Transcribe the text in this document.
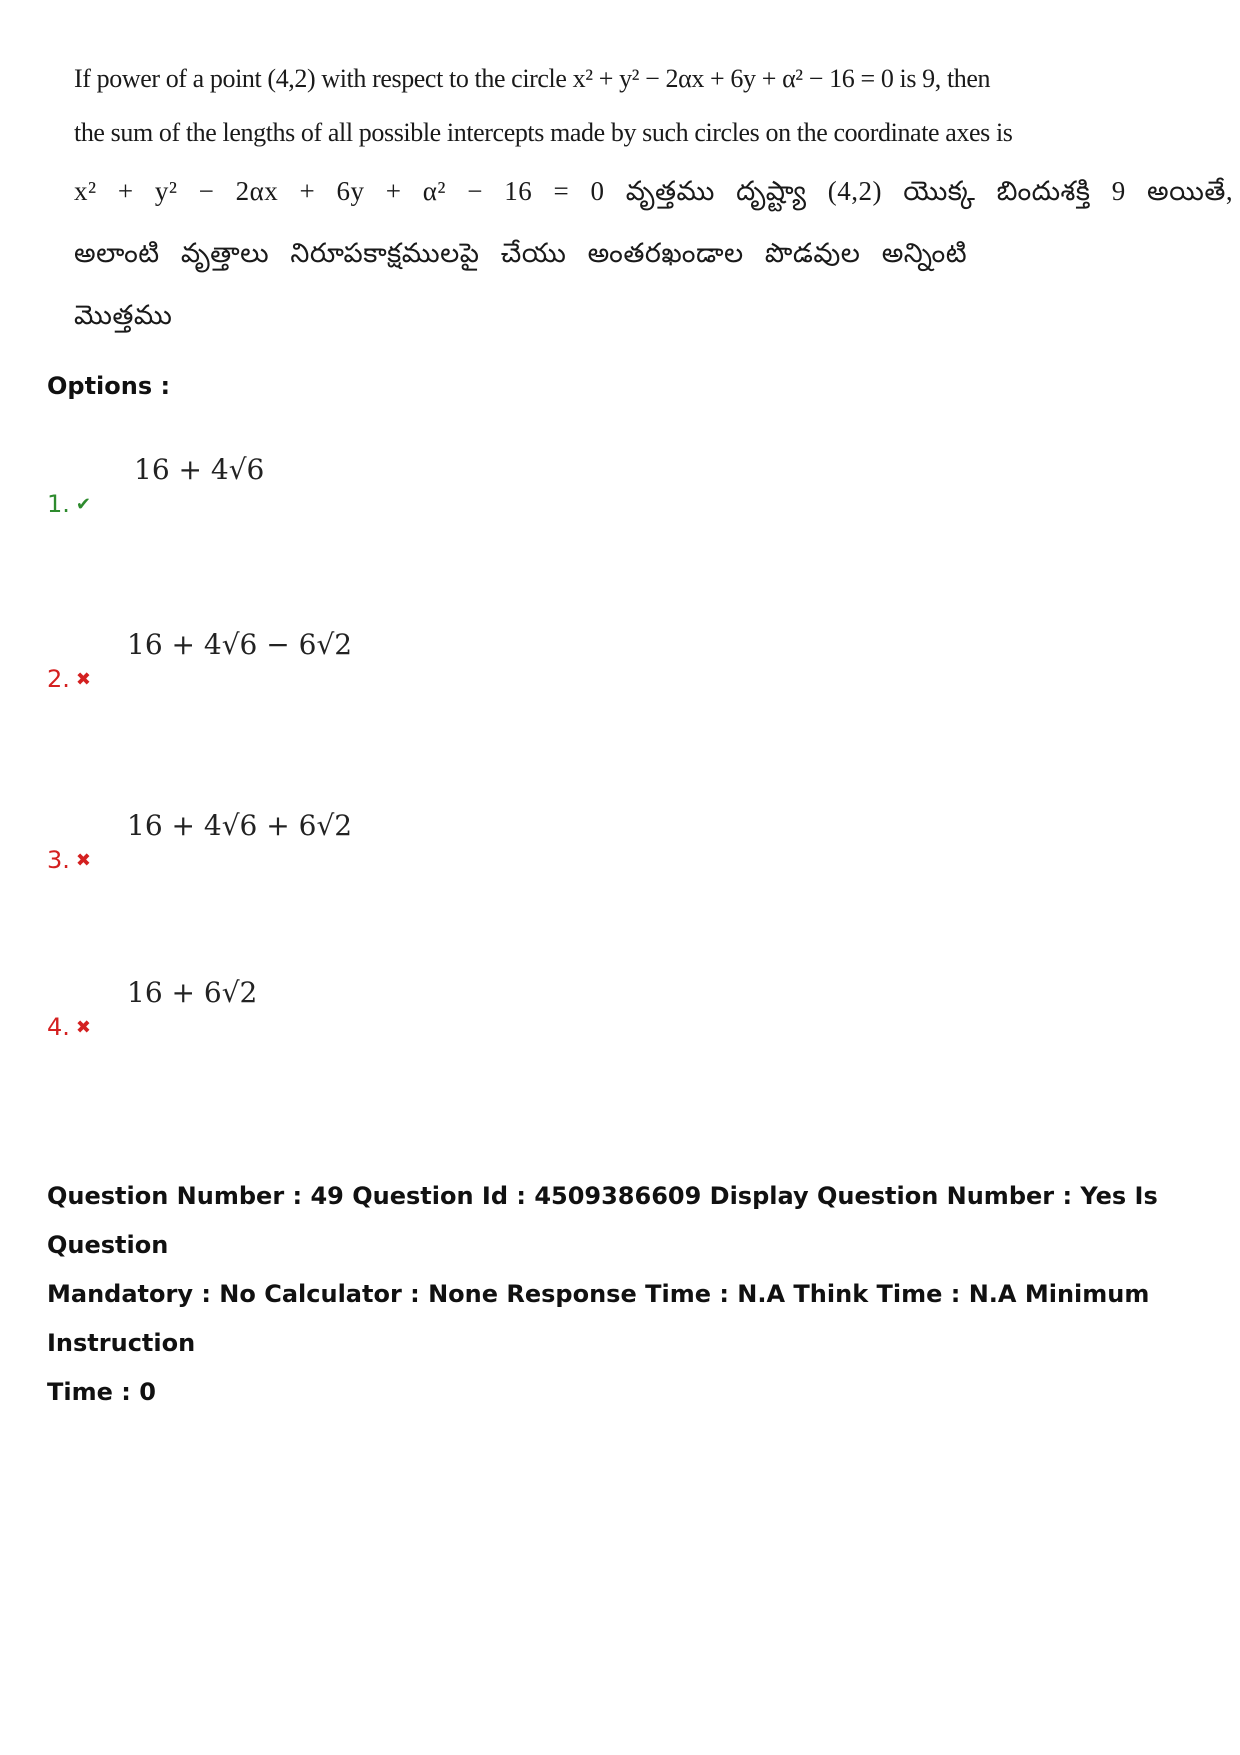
If power of a point (4,2) with respect to the circle x² + y² − 2αx + 6y + α² − 16 = 0 is 9, then
the sum of the lengths of all possible intercepts made by such circles on the coordinate axes is
x² + y² − 2αx + 6y + α² − 16 = 0 వృత్తము దృష్ట్యా (4,2) యొక్క బిందుశక్తి 9 అయితే,
అలాంటి వృత్తాలు నిరూపకాక్షములపై చేయు అంతరఖండాల పొడవుల అన్నింటి
మొత్తము
Options :
16 + 4√6
1. ✔
16 + 4√6 − 6√2
2. ✖
16 + 4√6 + 6√2
3. ✖
16 + 6√2
4. ✖
Question Number : 49 Question Id : 4509386609 Display Question Number : Yes Is Question
Mandatory : No Calculator : None Response Time : N.A Think Time : N.A Minimum Instruction
Time : 0
